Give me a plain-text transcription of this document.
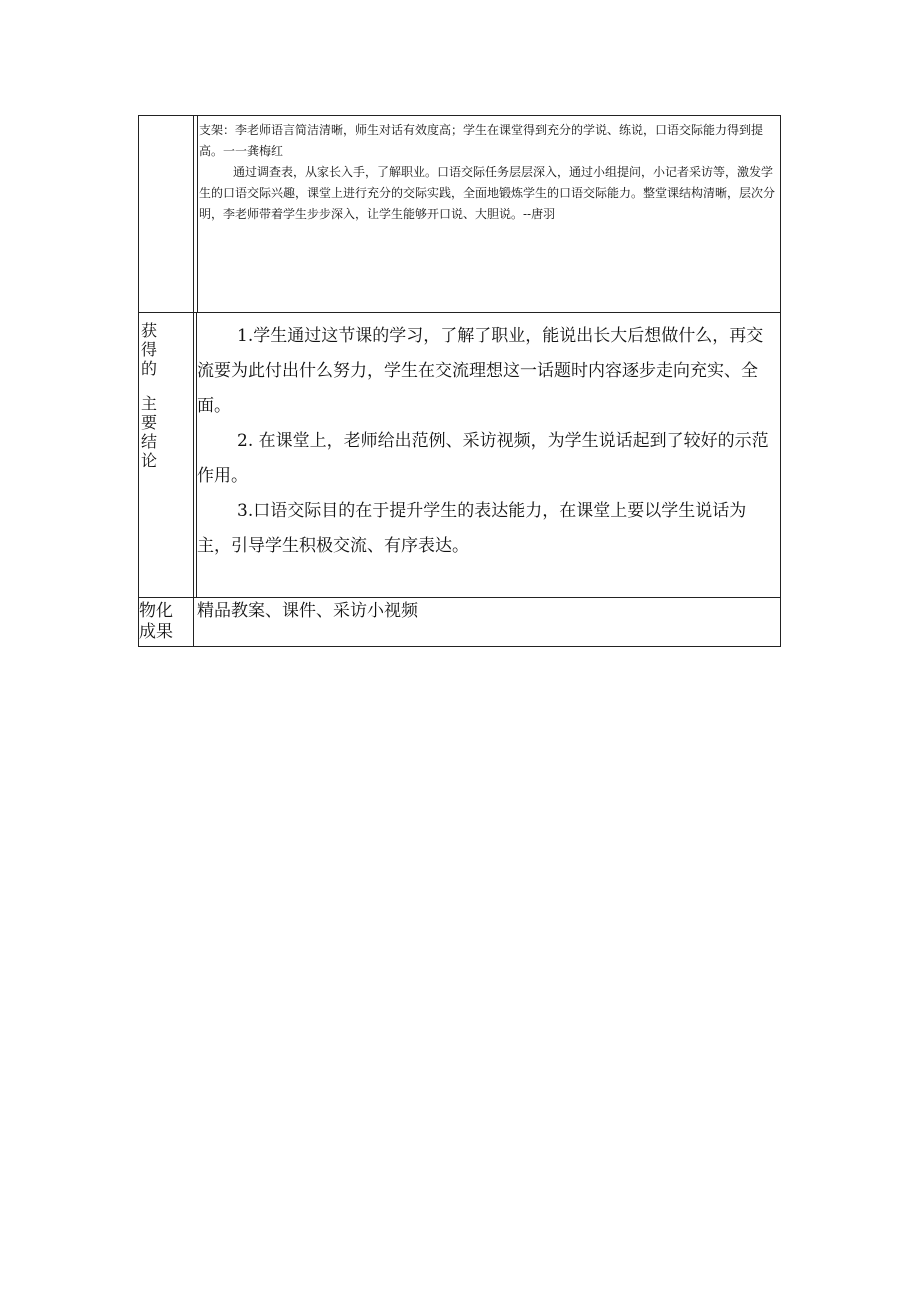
支架：李老师语言简洁清晰，师生对话有效度高；学生在课堂得到充分的学说、练说，口语交际能力得到提高。一一龚梅红

通过调查表，从家长入手，了解职业。口语交际任务层层深入，通过小组提问，小记者采访等，激发学生的口语交际兴趣，课堂上进行充分的交际实践，全面地锻炼学生的口语交际能力。整堂课结构清晰，层次分明，李老师带着学生步步深入，让学生能够开口说、大胆说。--唐羽

获
得
的
主
要
结
论

1.学生通过这节课的学习，了解了职业，能说出长大后想做什么，再交流要为此付出什么努力，学生在交流理想这一话题时内容逐步走向充实、全面。

2. 在课堂上，老师给出范例、采访视频，为学生说话起到了较好的示范作用。

3.口语交际目的在于提升学生的表达能力，在课堂上要以学生说话为主，引导学生积极交流、有序表达。

物化
成果
精品教案、课件、采访小视频
